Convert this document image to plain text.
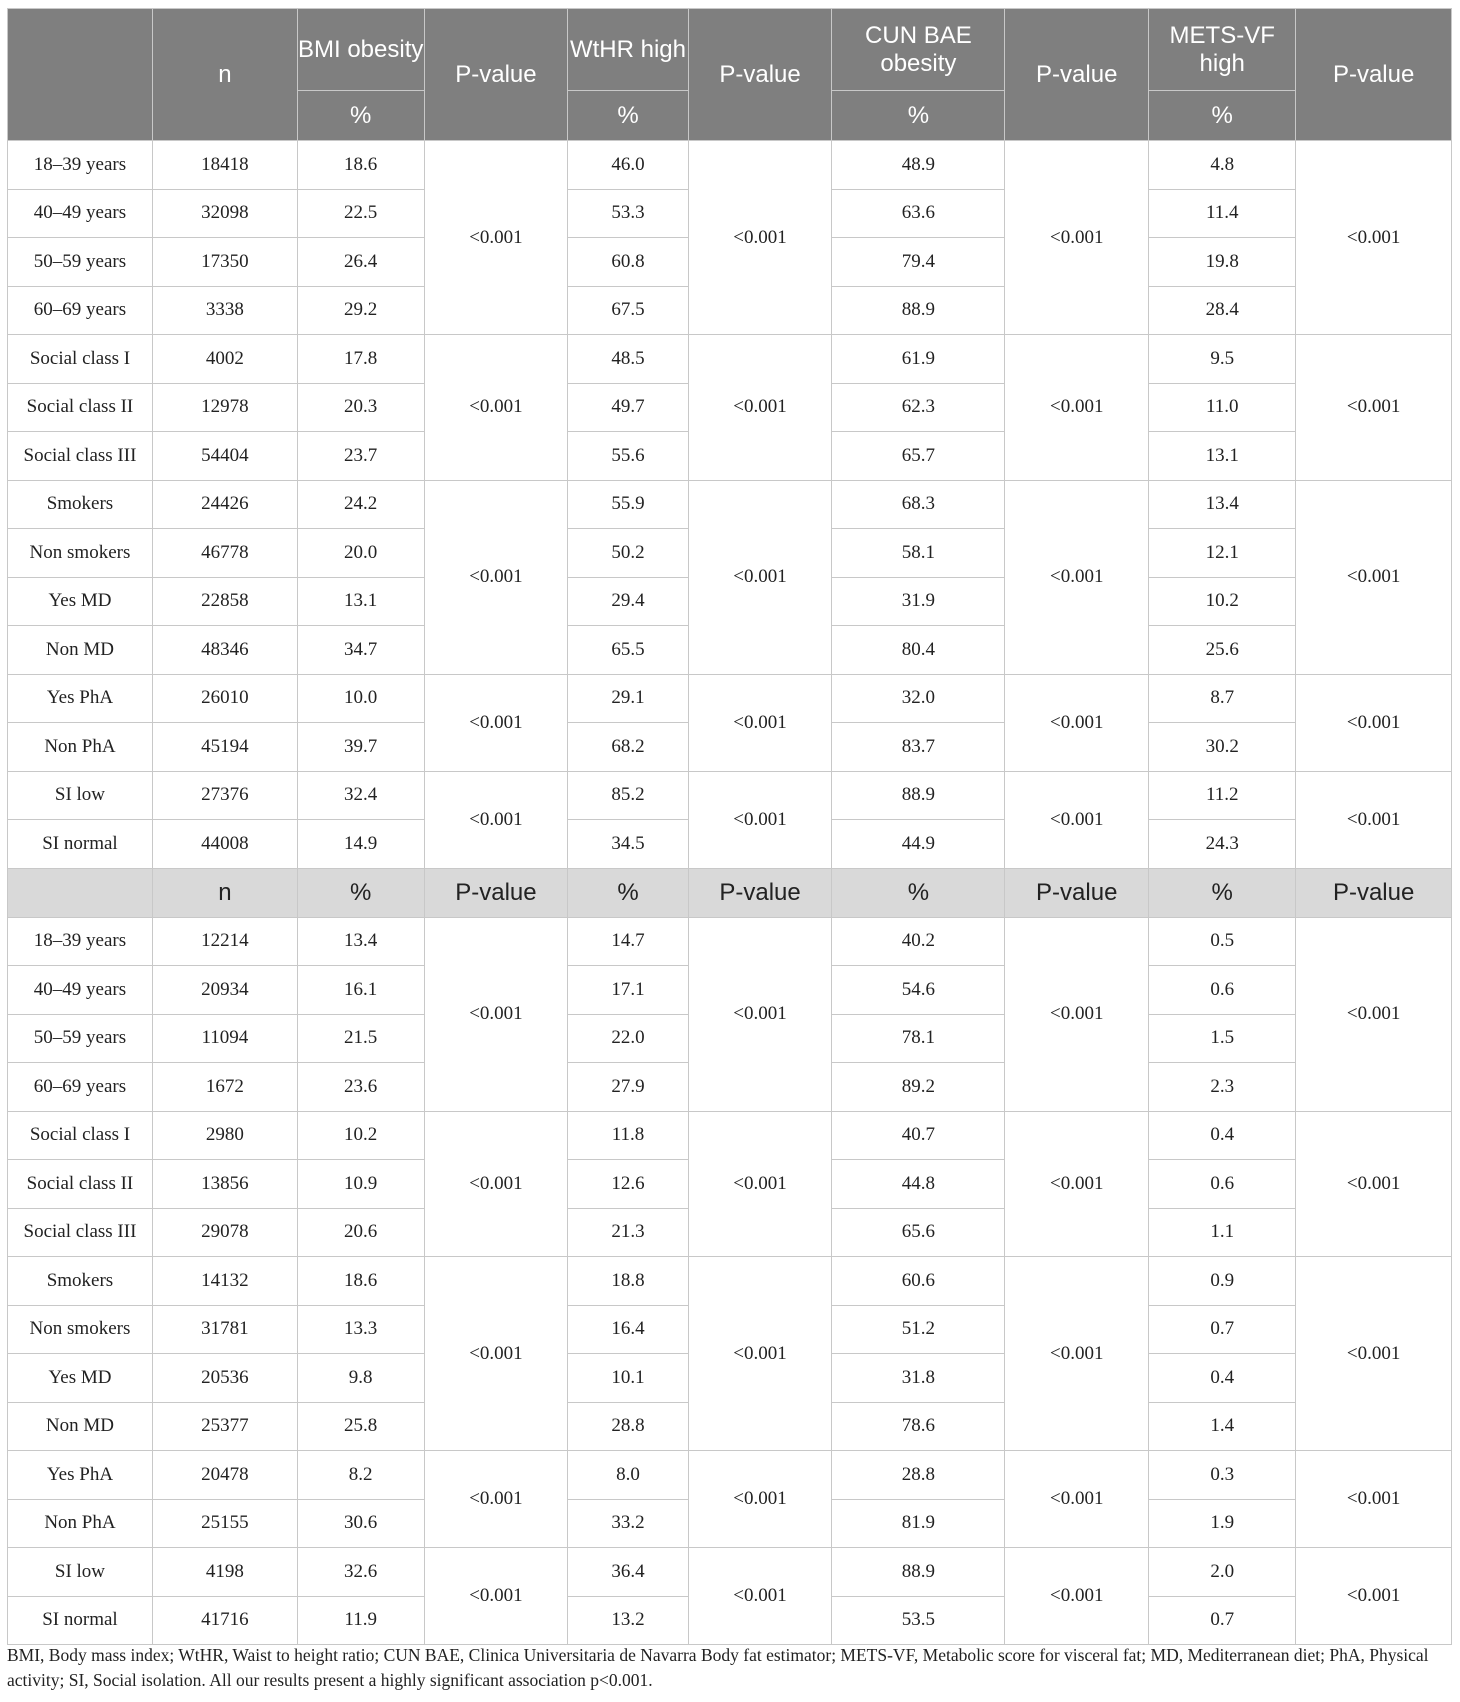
	n	BMI obesity	P-value	WtHR high	P-value	CUN BAE obesity	P-value	METS-VF high	P-value
		%		%		%		%	
18–39 years	18418	18.6	<0.001	46.0	<0.001	48.9	<0.001	4.8	<0.001
40–49 years	32098	22.5		53.3		63.6		11.4	
50–59 years	17350	26.4		60.8		79.4		19.8	
60–69 years	3338	29.2		67.5		88.9		28.4	
Social class I	4002	17.8	<0.001	48.5	<0.001	61.9	<0.001	9.5	<0.001
Social class II	12978	20.3		49.7		62.3		11.0	
Social class III	54404	23.7		55.6		65.7		13.1	
Smokers	24426	24.2	<0.001	55.9	<0.001	68.3	<0.001	13.4	<0.001
Non smokers	46778	20.0		50.2		58.1		12.1	
Yes MD	22858	13.1		29.4		31.9		10.2	
Non MD	48346	34.7		65.5		80.4		25.6	
Yes PhA	26010	10.0	<0.001	29.1	<0.001	32.0	<0.001	8.7	<0.001
Non PhA	45194	39.7		68.2		83.7		30.2	
SI low	27376	32.4	<0.001	85.2	<0.001	88.9	<0.001	11.2	<0.001
SI normal	44008	14.9		34.5		44.9		24.3	
	n	%	P-value	%	P-value	%	P-value	%	P-value
18–39 years	12214	13.4	<0.001	14.7	<0.001	40.2	<0.001	0.5	<0.001
40–49 years	20934	16.1		17.1		54.6		0.6	
50–59 years	11094	21.5		22.0		78.1		1.5	
60–69 years	1672	23.6		27.9		89.2		2.3	
Social class I	2980	10.2	<0.001	11.8	<0.001	40.7	<0.001	0.4	<0.001
Social class II	13856	10.9		12.6		44.8		0.6	
Social class III	29078	20.6		21.3		65.6		1.1	
Smokers	14132	18.6	<0.001	18.8	<0.001	60.6	<0.001	0.9	<0.001
Non smokers	31781	13.3		16.4		51.2		0.7	
Yes MD	20536	9.8		10.1		31.8		0.4	
Non MD	25377	25.8		28.8		78.6		1.4	
Yes PhA	20478	8.2	<0.001	8.0	<0.001	28.8	<0.001	0.3	<0.001
Non PhA	25155	30.6		33.2		81.9		1.9	
SI low	4198	32.6	<0.001	36.4	<0.001	88.9	<0.001	2.0	<0.001
SI normal	41716	11.9		13.2		53.5		0.7	
BMI, Body mass index; WtHR, Waist to height ratio; CUN BAE, Clinica Universitaria de Navarra Body fat estimator; METS-VF, Metabolic score for visceral fat; MD, Mediterranean diet; PhA, Physical activity; SI, Social isolation. All our results present a highly significant association p<0.001.
